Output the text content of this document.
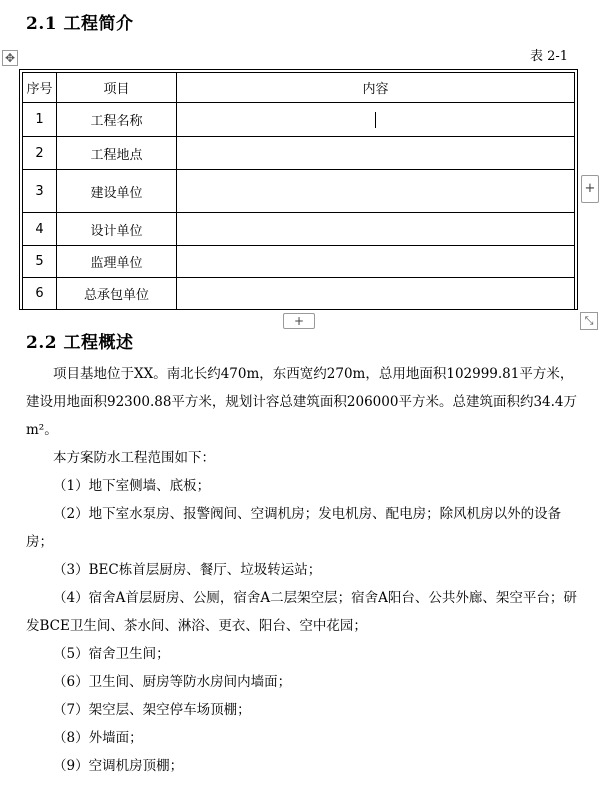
2.1 工程简介
✥	表 2-1
序号	项目	内容
1	工程名称	
2	工程地点	
3	建设单位	
4	设计单位	
5	监理单位	
6	总承包单位	
+
+	⤡
2.2 工程概述
项目基地位于XX。南北长约470m，东西宽约270m，总用地面积102999.81平方米，建设用地面积92300.88平方米，规划计容总建筑面积206000平方米。总建筑面积约34.4万m²。
本方案防水工程范围如下：
（1）地下室侧墙、底板；
（2）地下室水泵房、报警阀间、空调机房；发电机房、配电房；除风机房以外的设备房；
（3）BEC栋首层厨房、餐厅、垃圾转运站；
（4）宿舍A首层厨房、公厕，宿舍A二层架空层；宿舍A阳台、公共外廊、架空平台；研发BCE卫生间、茶水间、淋浴、更衣、阳台、空中花园；
（5）宿舍卫生间；
（6）卫生间、厨房等防水房间内墙面；
（7）架空层、架空停车场顶棚；
（8）外墙面；
（9）空调机房顶棚；
